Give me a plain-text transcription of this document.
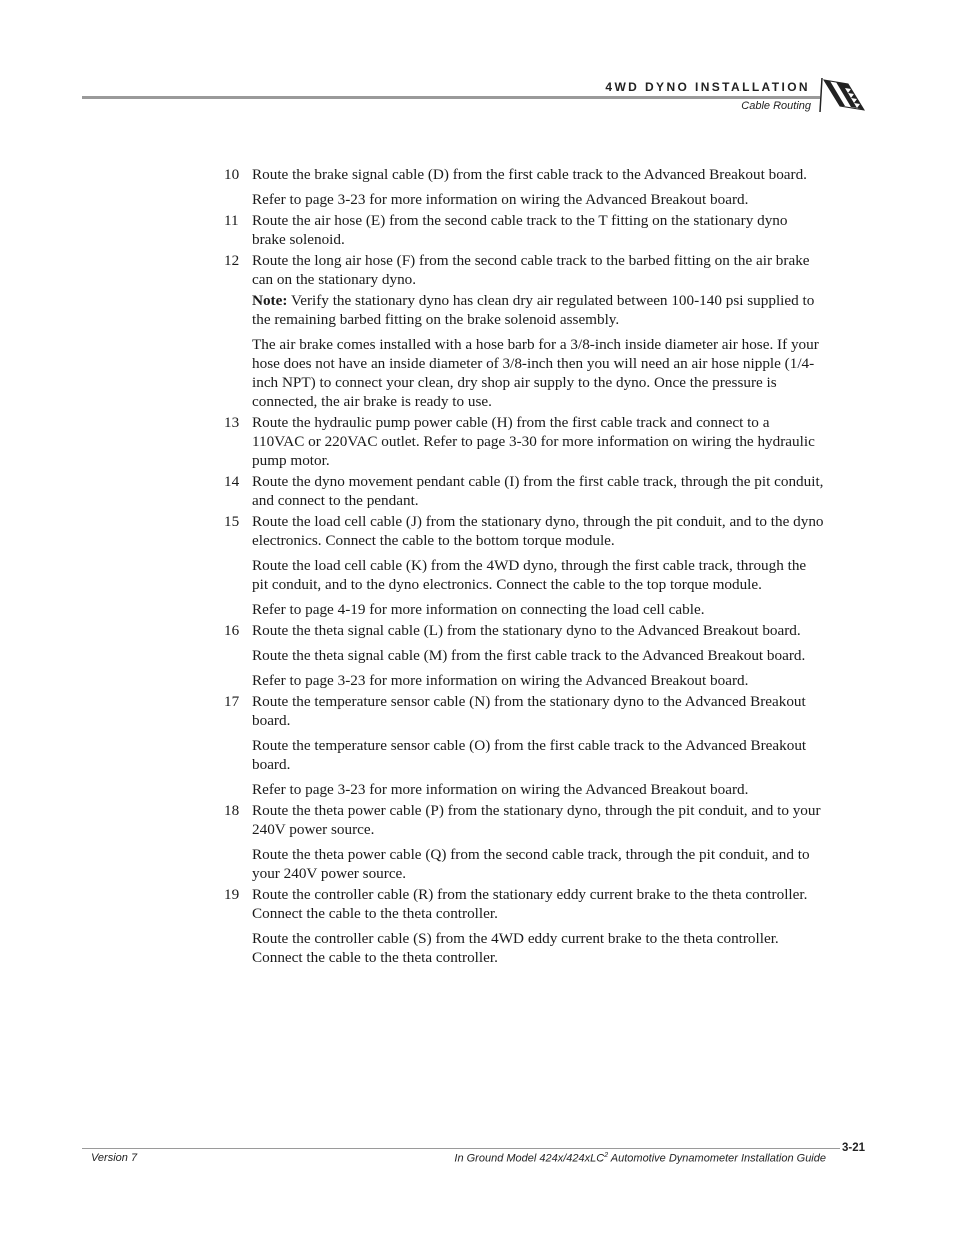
4WD DYNO INSTALLATION
Cable Routing
10 Route the brake signal cable (D) from the first cable track to the Advanced Breakout board.
Refer to page 3-23 for more information on wiring the Advanced Breakout board.
11 Route the air hose (E) from the second cable track to the T fitting on the stationary dyno brake solenoid.
12 Route the long air hose (F) from the second cable track to the barbed fitting on the air brake can on the stationary dyno.
Note: Verify the stationary dyno has clean dry air regulated between 100-140 psi supplied to the remaining barbed fitting on the brake solenoid assembly.
The air brake comes installed with a hose barb for a 3/8-inch inside diameter air hose. If your hose does not have an inside diameter of 3/8-inch then you will need an air hose nipple (1/4-inch NPT) to connect your clean, dry shop air supply to the dyno. Once the pressure is connected, the air brake is ready to use.
13 Route the hydraulic pump power cable (H) from the first cable track and connect to a 110VAC or 220VAC outlet. Refer to page 3-30 for more information on wiring the hydraulic pump motor.
14 Route the dyno movement pendant cable (I) from the first cable track, through the pit conduit, and connect to the pendant.
15 Route the load cell cable (J) from the stationary dyno, through the pit conduit, and to the dyno electronics. Connect the cable to the bottom torque module.
Route the load cell cable (K) from the 4WD dyno, through the first cable track, through the pit conduit, and to the dyno electronics. Connect the cable to the top torque module.
Refer to page 4-19 for more information on connecting the load cell cable.
16 Route the theta signal cable (L) from the stationary dyno to the Advanced Breakout board.
Route the theta signal cable (M) from the first cable track to the Advanced Breakout board.
Refer to page 3-23 for more information on wiring the Advanced Breakout board.
17 Route the temperature sensor cable (N) from the stationary dyno to the Advanced Breakout board.
Route the temperature sensor cable (O) from the first cable track to the Advanced Breakout board.
Refer to page 3-23 for more information on wiring the Advanced Breakout board.
18 Route the theta power cable (P) from the stationary dyno, through the pit conduit, and to your 240V power source.
Route the theta power cable (Q) from the second cable track, through the pit conduit, and to your 240V power source.
19 Route the controller cable (R) from the stationary eddy current brake to the theta controller. Connect the cable to the theta controller.
Route the controller cable (S) from the 4WD eddy current brake to the theta controller. Connect the cable to the theta controller.
3-21
Version 7	In Ground Model 424x/424xLC$^2$ Automotive Dynamometer Installation Guide
